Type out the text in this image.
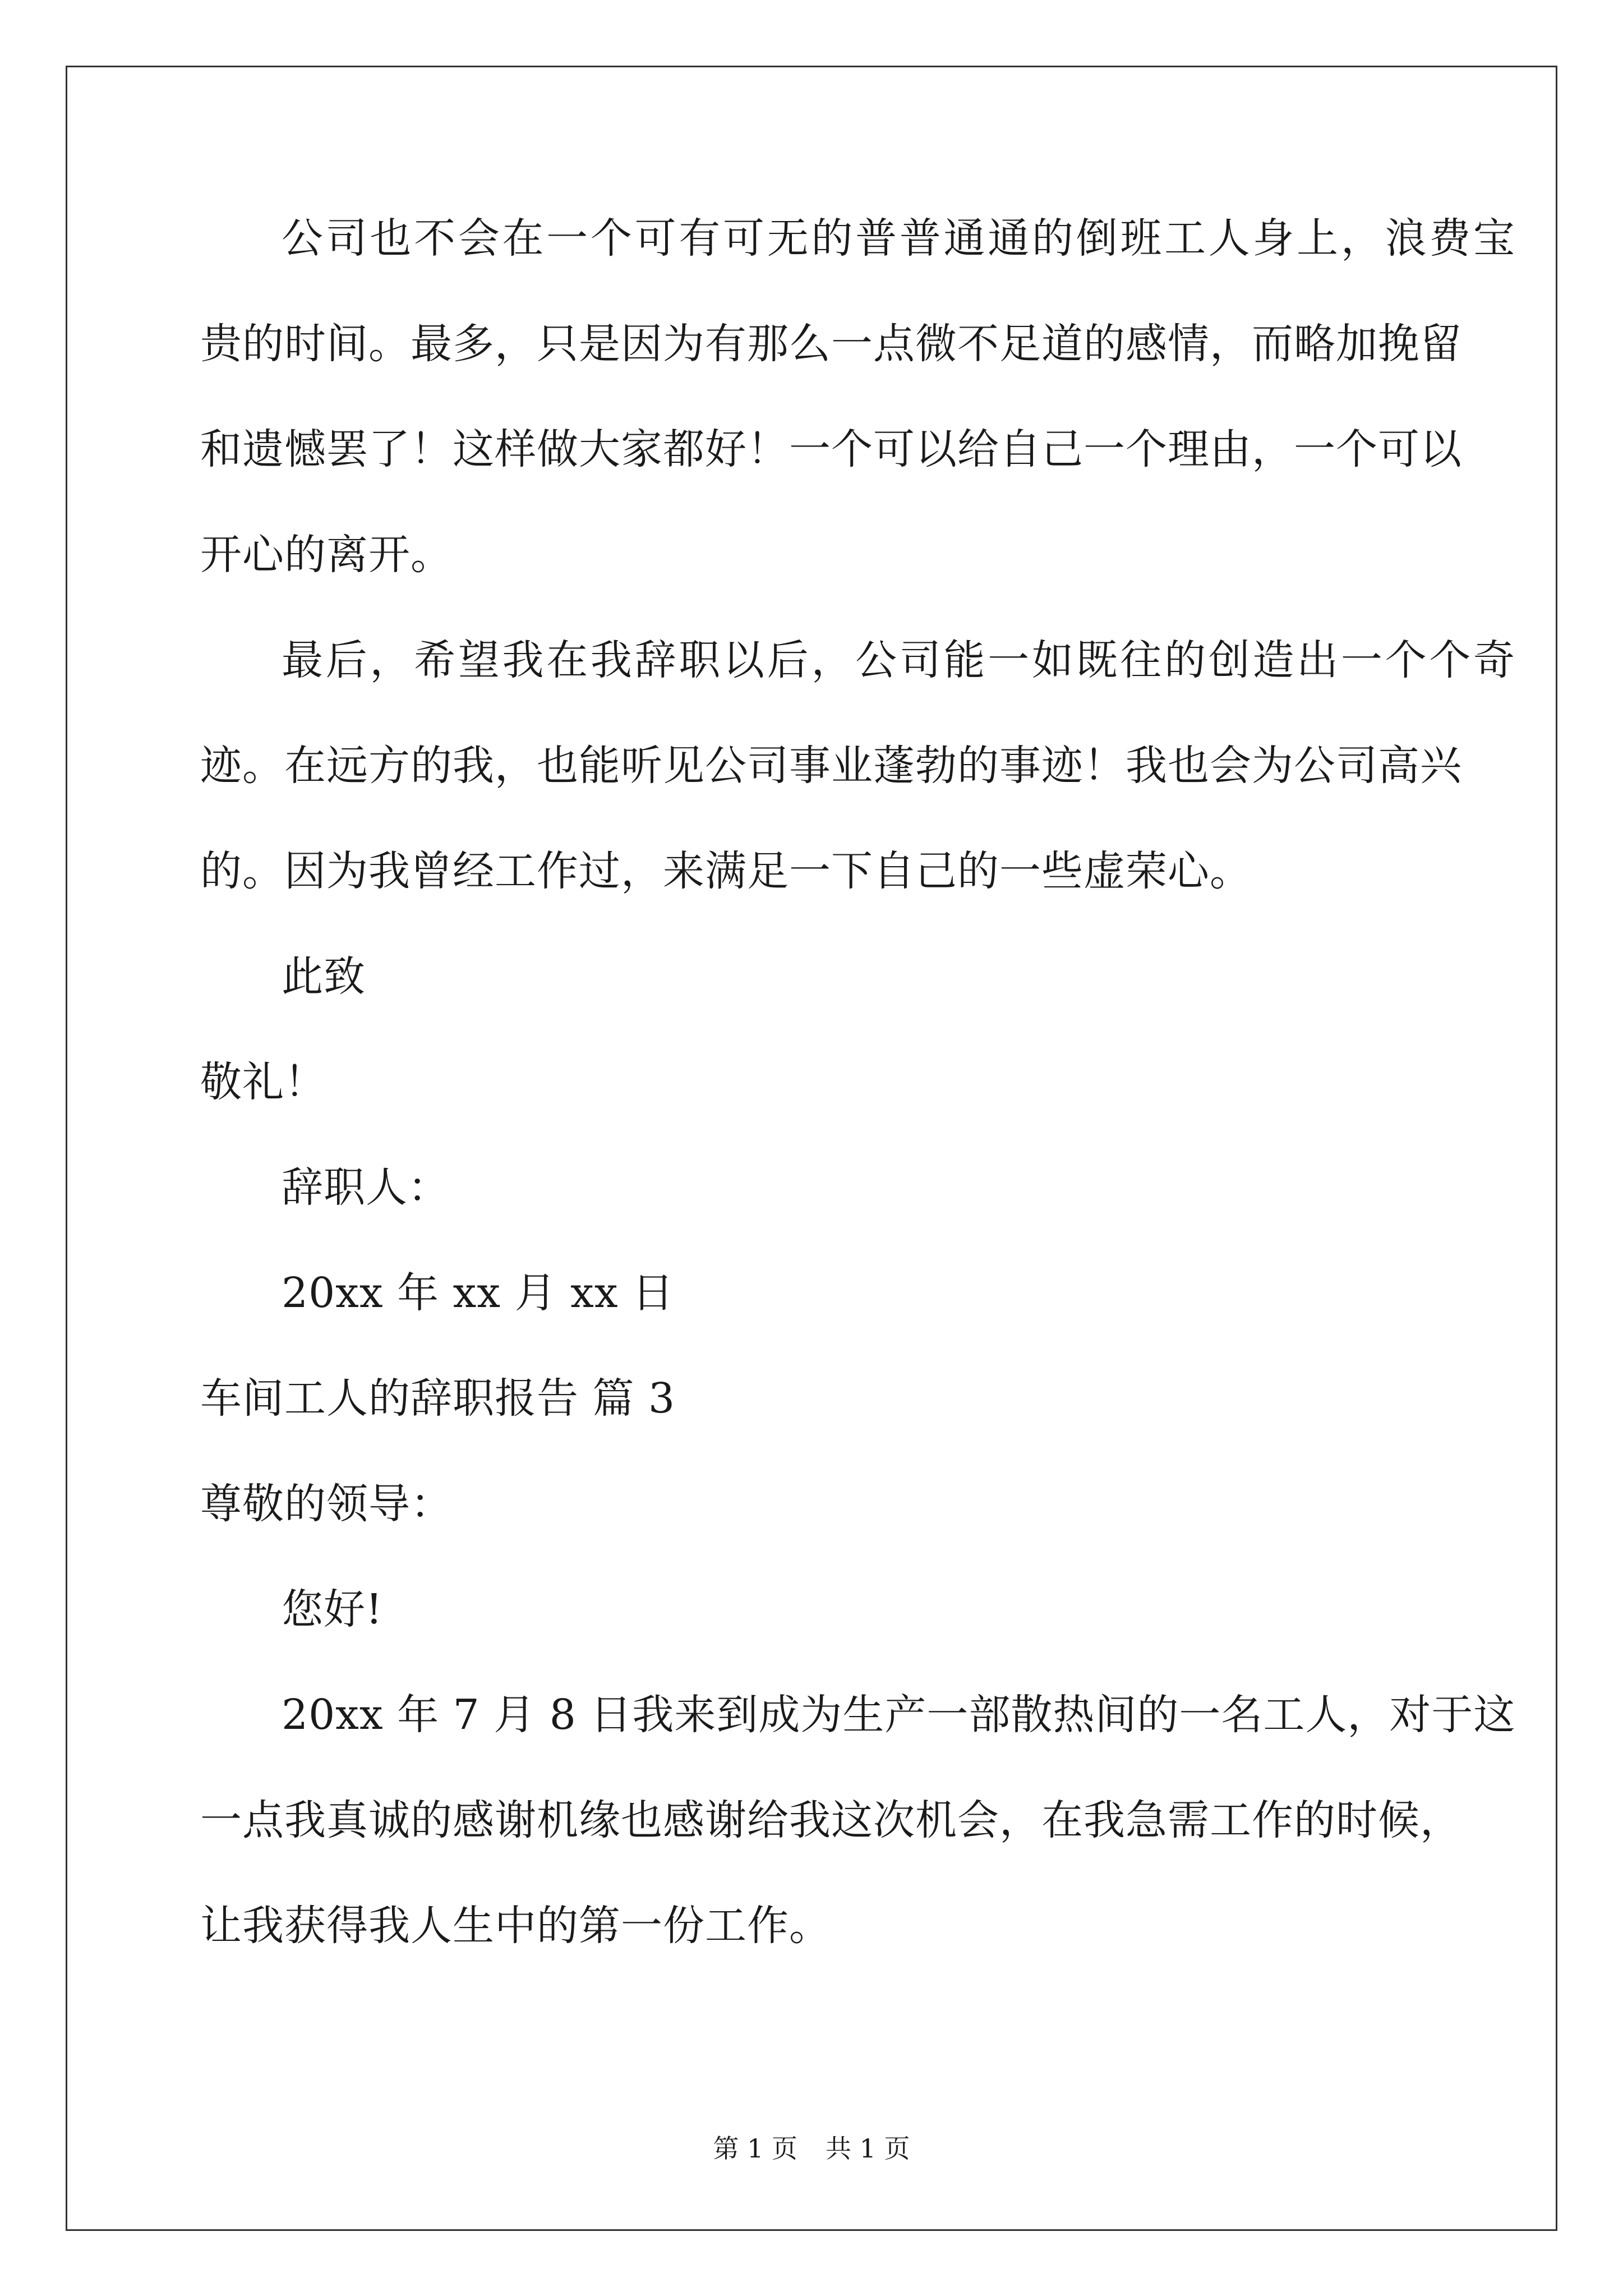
公司也不会在一个可有可无的普普通通的倒班工人身上，浪费宝
贵的时间。最多，只是因为有那么一点微不足道的感情，而略加挽留
和遗憾罢了！这样做大家都好！一个可以给自己一个理由，一个可以
开心的离开。
最后，希望我在我辞职以后，公司能一如既往的创造出一个个奇
迹。在远方的我，也能听见公司事业蓬勃的事迹！我也会为公司高兴
的。因为我曾经工作过，来满足一下自己的一些虚荣心。
此致
敬礼！
辞职人：
20xx 年 xx 月 xx 日
车间工人的辞职报告 篇 3
尊敬的领导：
您好!
20xx 年 7 月 8 日我来到成为生产一部散热间的一名工人，对于这
一点我真诚的感谢机缘也感谢给我这次机会，在我急需工作的时候，
让我获得我人生中的第一份工作。
第 1 页 共 1 页
